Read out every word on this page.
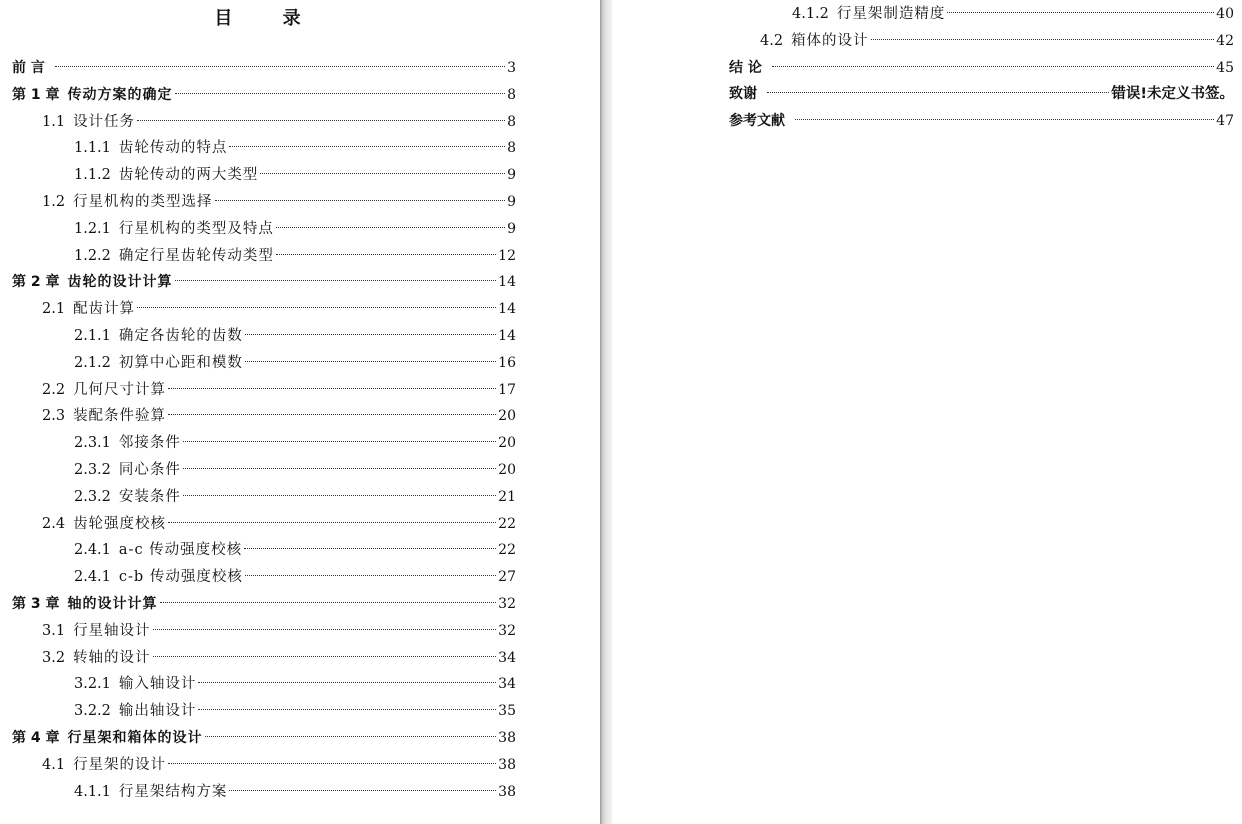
目 录
前 言	3
第 1 章 传动方案的确定	8
1.1 设计任务	8
1.1.1 齿轮传动的特点	8
1.1.2 齿轮传动的两大类型	9
1.2 行星机构的类型选择	9
1.2.1 行星机构的类型及特点	9
1.2.2 确定行星齿轮传动类型	12
第 2 章 齿轮的设计计算	14
2.1 配齿计算	14
2.1.1 确定各齿轮的齿数	14
2.1.2 初算中心距和模数	16
2.2 几何尺寸计算	17
2.3 装配条件验算	20
2.3.1 邻接条件	20
2.3.2 同心条件	20
2.3.2 安装条件	21
2.4 齿轮强度校核	22
2.4.1 a-c 传动强度校核	22
2.4.1 c-b 传动强度校核	27
第 3 章 轴的设计计算	32
3.1 行星轴设计	32
3.2 转轴的设计	34
3.2.1 输入轴设计	34
3.2.2 输出轴设计	35
第 4 章 行星架和箱体的设计	38
4.1 行星架的设计	38
4.1.1 行星架结构方案	38
4.1.2 行星架制造精度	40
4.2 箱体的设计	42
结 论	45
致谢	错误!未定义书签。
参考文献	47
